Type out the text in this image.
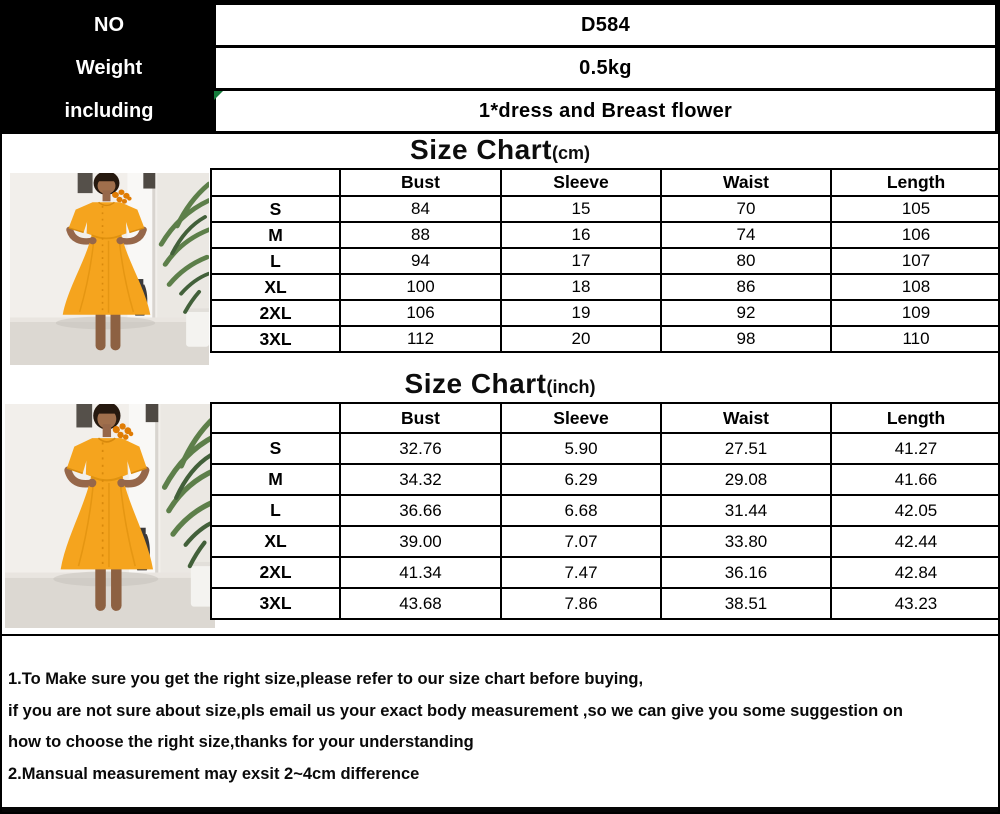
NO	D584
Weight	0.5kg
including	1*dress and Breast flower
Size Chart(cm)
	Bust	Sleeve	Waist	Length
S	84	15	70	105
M	88	16	74	106
L	94	17	80	107
XL	100	18	86	108
2XL	106	19	92	109
3XL	112	20	98	110
Size Chart(inch)
	Bust	Sleeve	Waist	Length
S	32.76	5.90	27.51	41.27
M	34.32	6.29	29.08	41.66
L	36.66	6.68	31.44	42.05
XL	39.00	7.07	33.80	42.44
2XL	41.34	7.47	36.16	42.84
3XL	43.68	7.86	38.51	43.23
1.To Make sure you get the right size,please refer to our size chart before buying,
if you are not sure about size,pls email us your exact body measurement ,so we can give you some suggestion on
how to choose the right size,thanks for your understanding
2.Mansual measurement may exsit 2~4cm difference
